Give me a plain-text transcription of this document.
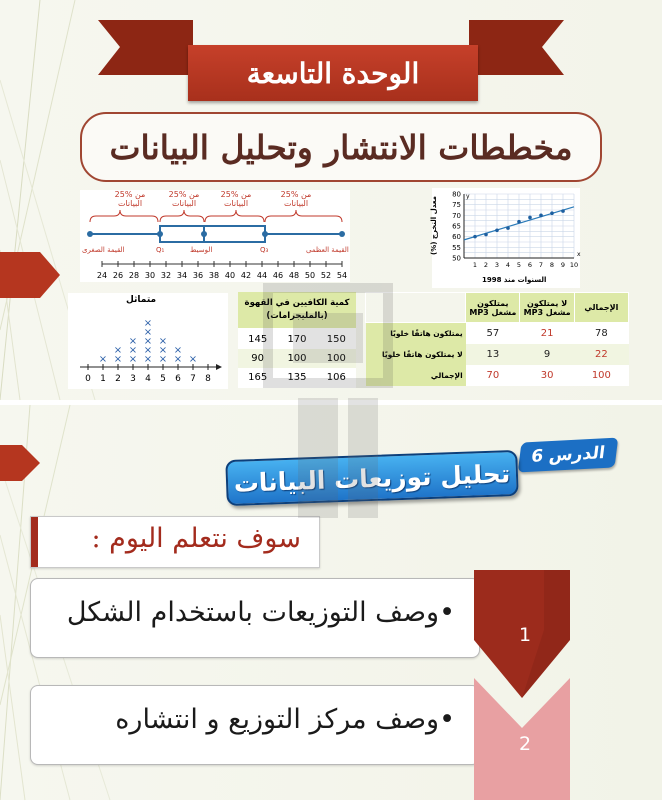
الوحدة التاسعة
مخططات الانتشار وتحليل البيانات
24 26 28 30 32 34 36 38 40 42 44 46 48 50 52 54
25% من البيانات
25% من البيانات
25% من البيانات
25% من البيانات
القيمة الصغرى	Q₁	الوسيط	Q₃	القيمة العظمى
x
y
80
75
70
65
60
55
50
1 2 3 4 5 6 7 8 9 10
معدل التخرج (%)
السنوات منذ 1998
0 1 2 3 4 5 6 7 8
× ×
×
×
×
×
×
×
×
×
×
×
×
×
×
×
×
متماثل	كمية الكافيين في القهوة (بالمليجرامات)
145	170	150
90	100	100
165	135	106
الإجمالي	لا يمتلكون مشغل MP3	يمتلكون مشغل MP3	
78	21	57	يمتلكون هاتفًا خلويًا
22	9	13	لا يمتلكون هاتفًا خلويًا
100	30	70	الإجمالي
الدرس 6
تحليل توزيعات البيانات
سوف نتعلم اليوم :
•وصف التوزيعات باستخدام الشكل
1
•وصف مركز التوزيع و انتشاره
2
